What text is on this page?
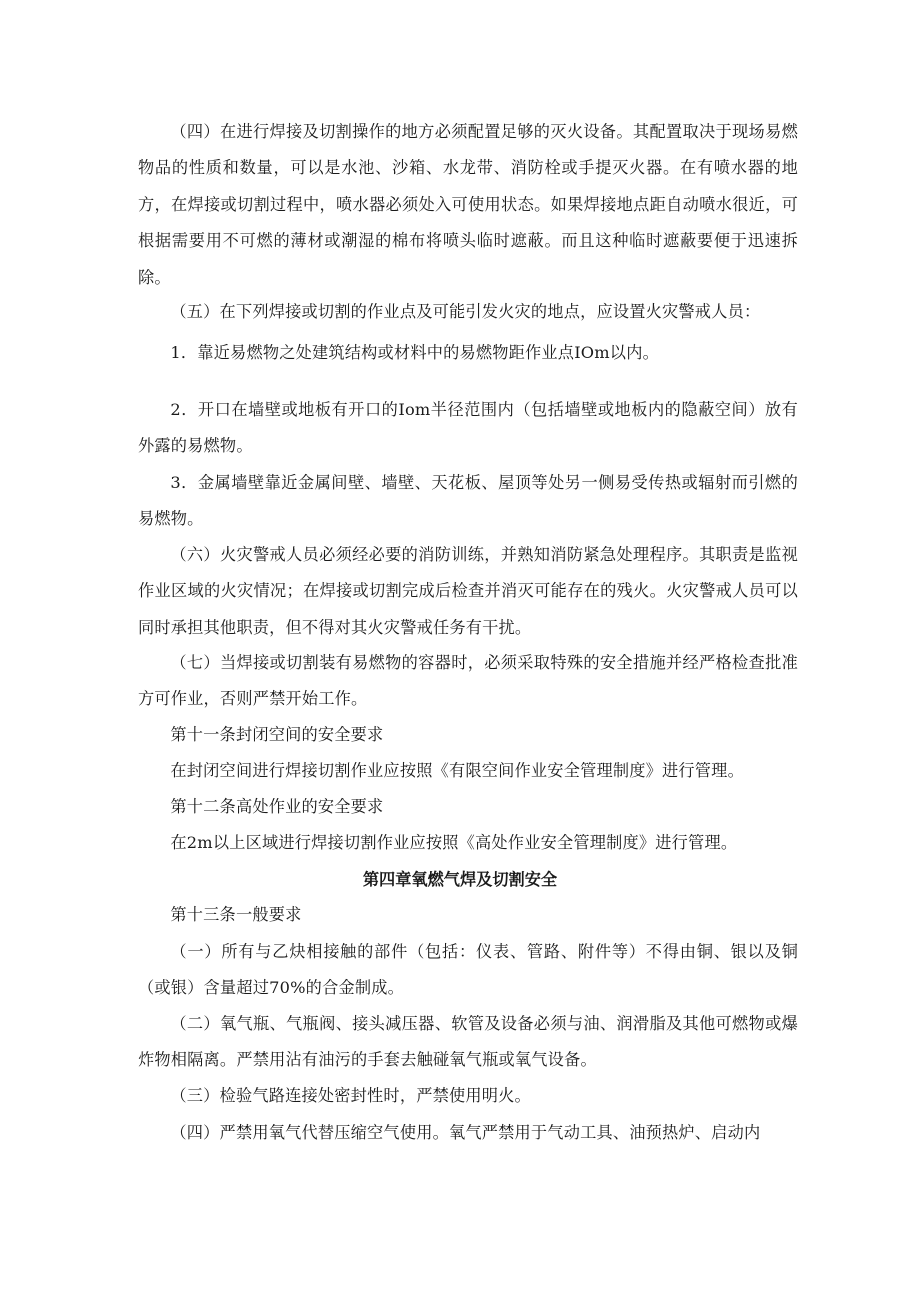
（四）在进行焊接及切割操作的地方必须配置足够的灭火设备。其配置取决于现场易燃物品的性质和数量，可以是水池、沙箱、水龙带、消防栓或手提灭火器。在有喷水器的地方，在焊接或切割过程中，喷水器必须处入可使用状态。如果焊接地点距自动喷水很近，可根据需要用不可燃的薄材或潮湿的棉布将喷头临时遮蔽。而且这种临时遮蔽要便于迅速拆除。

（五）在下列焊接或切割的作业点及可能引发火灾的地点，应设置火灾警戒人员：

1．靠近易燃物之处建筑结构或材料中的易燃物距作业点IOm以内。

2．开口在墙壁或地板有开口的Iom半径范围内（包括墙壁或地板内的隐蔽空间）放有外露的易燃物。

3．金属墙壁靠近金属间壁、墙壁、天花板、屋顶等处另一侧易受传热或辐射而引燃的易燃物。

（六）火灾警戒人员必须经必要的消防训练，并熟知消防紧急处理程序。其职责是监视作业区域的火灾情况；在焊接或切割完成后检查并消灭可能存在的残火。火灾警戒人员可以同时承担其他职责，但不得对其火灾警戒任务有干扰。

（七）当焊接或切割装有易燃物的容器时，必须采取特殊的安全措施并经严格检查批准方可作业，否则严禁开始工作。

第十一条封闭空间的安全要求

在封闭空间进行焊接切割作业应按照《有限空间作业安全管理制度》进行管理。

第十二条高处作业的安全要求

在2m以上区域进行焊接切割作业应按照《高处作业安全管理制度》进行管理。

第四章氧燃气焊及切割安全

第十三条一般要求

（一）所有与乙炔相接触的部件（包括：仪表、管路、附件等）不得由铜、银以及铜（或银）含量超过70%的合金制成。

（二）氧气瓶、气瓶阀、接头减压器、软管及设备必须与油、润滑脂及其他可燃物或爆炸物相隔离。严禁用沾有油污的手套去触碰氧气瓶或氧气设备。

（三）检验气路连接处密封性时，严禁使用明火。

（四）严禁用氧气代替压缩空气使用。氧气严禁用于气动工具、油预热炉、启动内
